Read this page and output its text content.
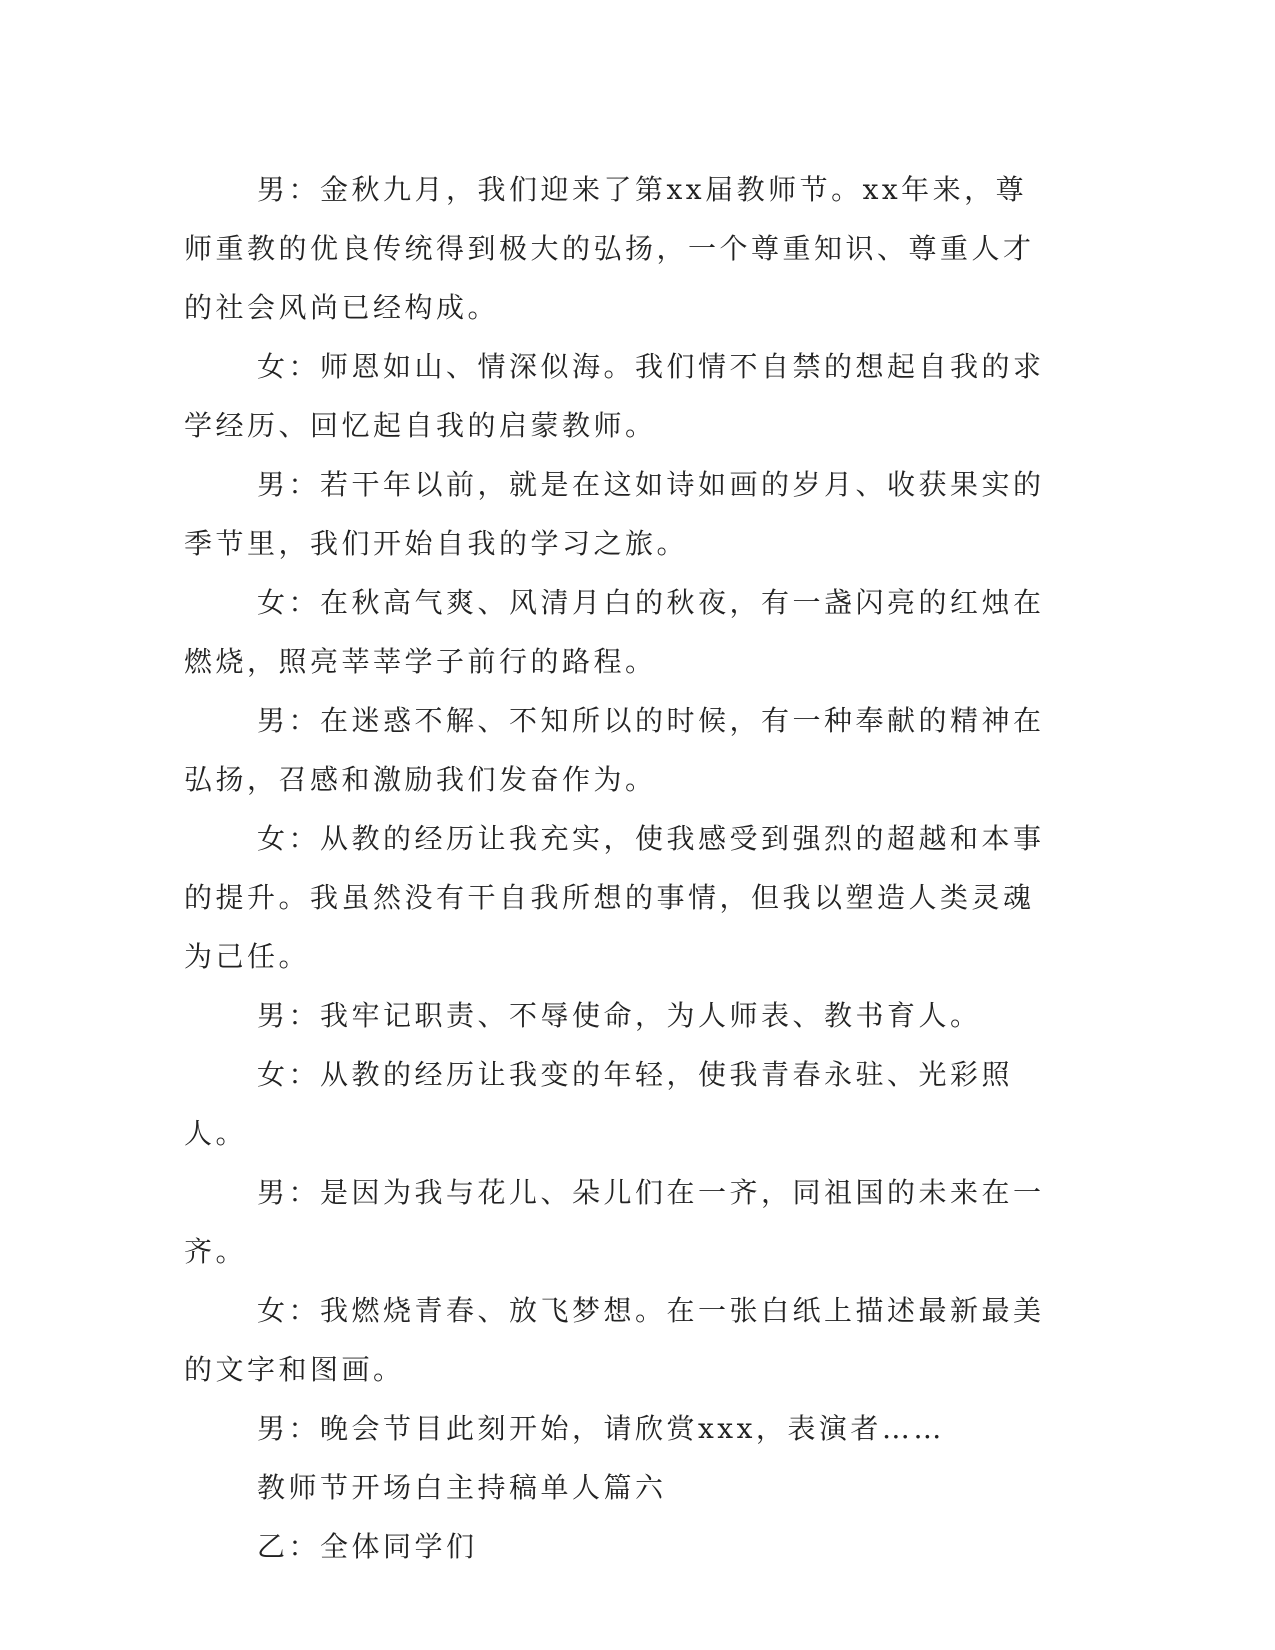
男：金秋九月，我们迎来了第xx届教师节。xx年来，尊师重教的优良传统得到极大的弘扬，一个尊重知识、尊重人才的社会风尚已经构成。

女：师恩如山、情深似海。我们情不自禁的想起自我的求学经历、回忆起自我的启蒙教师。

男：若干年以前，就是在这如诗如画的岁月、收获果实的季节里，我们开始自我的学习之旅。

女：在秋高气爽、风清月白的秋夜，有一盏闪亮的红烛在燃烧，照亮莘莘学子前行的路程。

男：在迷惑不解、不知所以的时候，有一种奉献的精神在弘扬，召感和激励我们发奋作为。

女：从教的经历让我充实，使我感受到强烈的超越和本事的提升。我虽然没有干自我所想的事情，但我以塑造人类灵魂为己任。

男：我牢记职责、不辱使命，为人师表、教书育人。

女：从教的经历让我变的年轻，使我青春永驻、光彩照人。

男：是因为我与花儿、朵儿们在一齐，同祖国的未来在一齐。

女：我燃烧青春、放飞梦想。在一张白纸上描述最新最美的文字和图画。

男：晚会节目此刻开始，请欣赏xxx，表演者……

教师节开场白主持稿单人篇六

乙：全体同学们
